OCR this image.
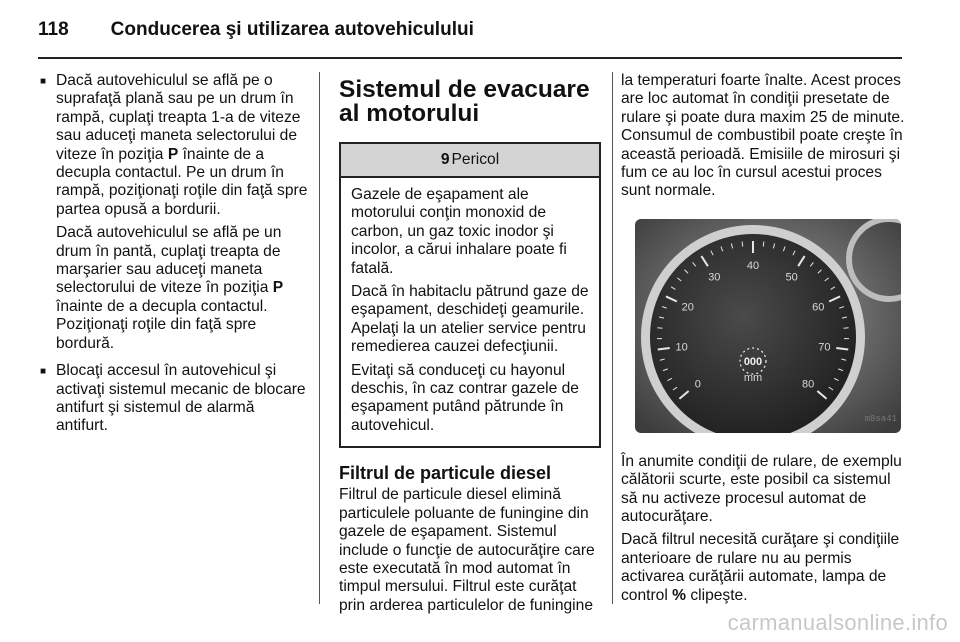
118 Conducerea şi utilizarea autovehiculului
■ Dacă autovehiculul se află pe o suprafaţă plană sau pe un drum în rampă, cuplaţi treapta 1-a de viteze sau aduceţi maneta selectorului de viteze în poziţia P înainte de a decupla contactul. Pe un drum în rampă, poziţionaţi roţile din faţă spre partea opusă a bordurii.

Dacă autovehiculul se află pe un drum în pantă, cuplaţi treapta de marşarier sau aduceţi maneta selectorului de viteze în poziţia P înainte de a decupla contactul. Poziţionaţi roţile din faţă spre bordură.

■ Blocaţi accesul în autovehicul şi activaţi sistemul mecanic de blocare antifurt şi sistemul de alarmă antifurt.

Sistemul de evacuare al motorului
9 Pericol

Gazele de eşapament ale motorului conţin monoxid de carbon, un gaz toxic inodor şi incolor, a cărui inhalare poate fi fatală.

Dacă în habitaclu pătrund gaze de eşapament, deschideţi geamurile. Apelaţi la un atelier service pentru remedierea cauzei defecţiunii.

Evitaţi să conduceţi cu hayonul deschis, în caz contrar gazele de eşapament putând pătrunde în autovehicul.

Filtrul de particule diesel

Filtrul de particule diesel elimină particulele poluante de funingine din gazele de eşapament. Sistemul include o funcţie de autocurăţire care este executată în mod automat în timpul mersului. Filtrul este curăţat prin arderea particulelor de funingine

la temperaturi foarte înalte. Acest proces are loc automat în condiţii presetate de rulare şi poate dura maxim 25 de minute. Consumul de combustibil poate creşte în această perioadă. Emisiile de mirosuri şi fum ce au loc în cursul acestui proces sunt normale.

0
10
20
30
40
50
60
70
80
mm
000
m8sa41

În anumite condiţii de rulare, de exemplu călătorii scurte, este posibil ca sistemul să nu activeze procesul automat de autocurăţare.

Dacă filtrul necesită curăţare şi condiţiile anterioare de rulare nu au permis activarea curăţării automate, lampa de control % clipeşte.

carmanualsonline.info
